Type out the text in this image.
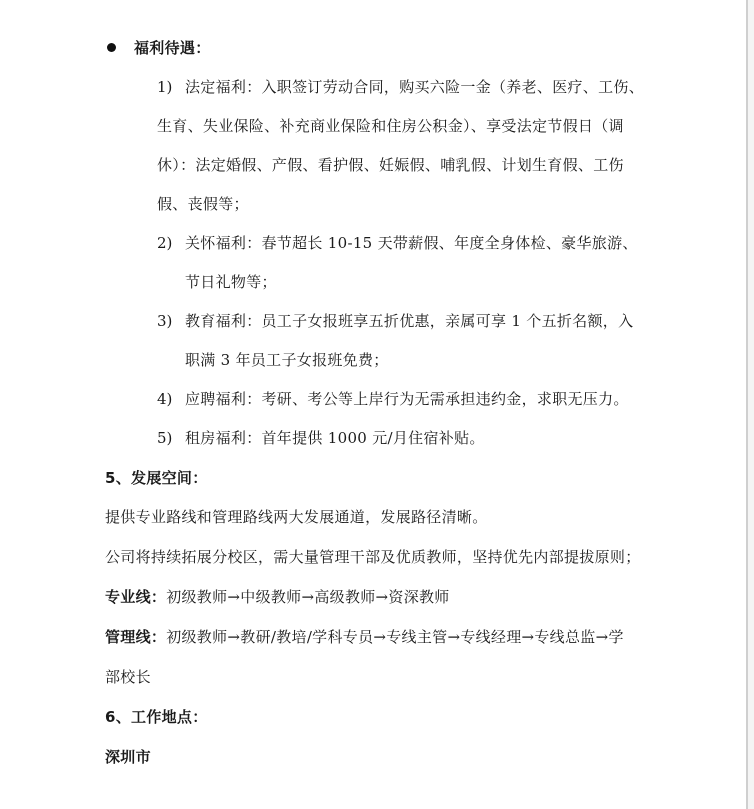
福利待遇：
1) 法定福利：入职签订劳动合同，购买六险一金（养老、医疗、工伤、
生育、失业保险、补充商业保险和住房公积金）、享受法定节假日（调
休）：法定婚假、产假、看护假、妊娠假、哺乳假、计划生育假、工伤
假、丧假等；
2) 关怀福利：春节超长 10-15 天带薪假、年度全身体检、豪华旅游、
节日礼物等；
3) 教育福利：员工子女报班享五折优惠，亲属可享 1 个五折名额，入
职满 3 年员工子女报班免费；
4) 应聘福利：考研、考公等上岸行为无需承担违约金，求职无压力。
5) 租房福利：首年提供 1000 元/月住宿补贴。
5、发展空间：
提供专业路线和管理路线两大发展通道，发展路径清晰。
公司将持续拓展分校区，需大量管理干部及优质教师，坚持优先内部提拔原则；
专业线：初级教师→中级教师→高级教师→资深教师
管理线：初级教师→教研/教培/学科专员→专线主管→专线经理→专线总监→学
部校长
6、工作地点：
深圳市
